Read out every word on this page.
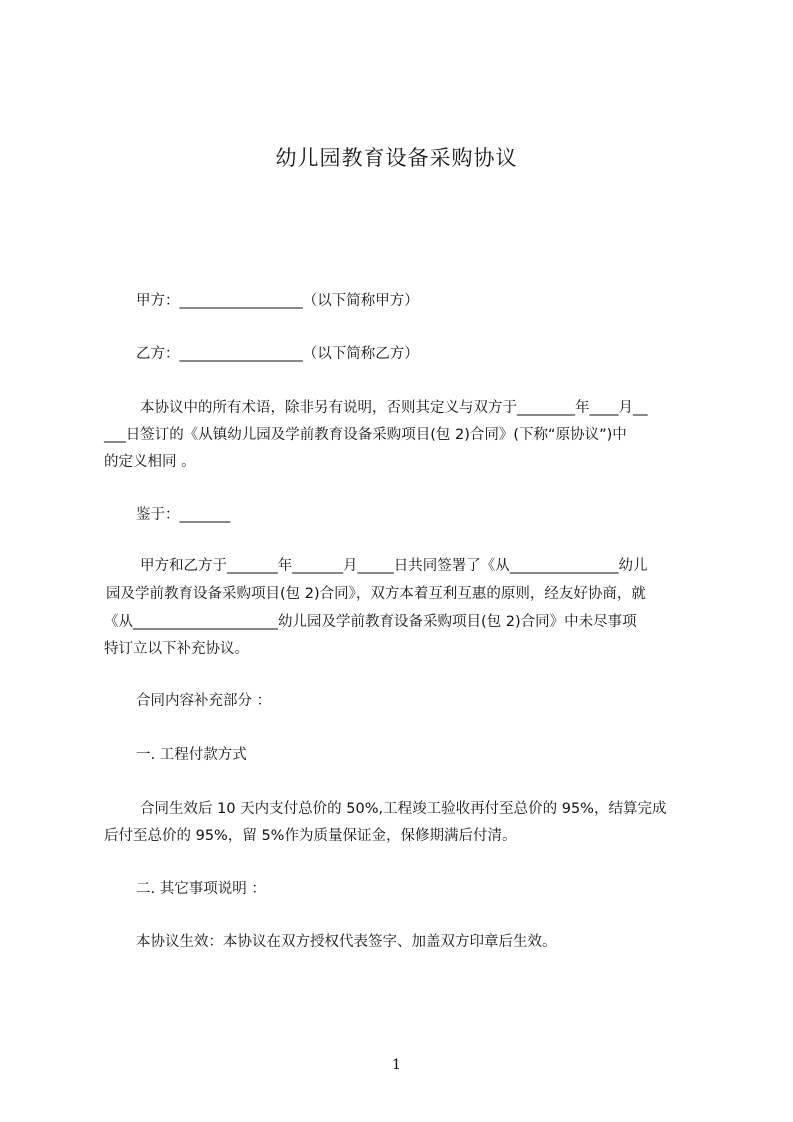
幼儿园教育设备采购协议
甲方：_________________（以下简称甲方）
乙方：_________________（以下简称乙方）
本协议中的所有术语，除非另有说明，否则其定义与双方于________年____月__
___日签订的《从镇幼儿园及学前教育设备采购项目(包 2)合同》(下称“原协议”)中
的定义相同 。
鉴于：_______
甲方和乙方于_______年_______月_____日共同签署了《从_______________幼儿
园及学前教育设备采购项目(包 2)合同》，双方本着互利互惠的原则，经友好协商，就
《从____________________幼儿园及学前教育设备采购项目(包 2)合同》中未尽事项
特订立以下补充协议。
合同内容补充部分 ：
一. 工程付款方式
合同生效后 10 天内支付总价的 50%,工程竣工验收再付至总价的 95%，结算完成
后付至总价的 95%，留 5%作为质量保证金，保修期满后付清。
二. 其它事项说明 ：
本协议生效：本协议在双方授权代表签字、加盖双方印章后生效。
1
